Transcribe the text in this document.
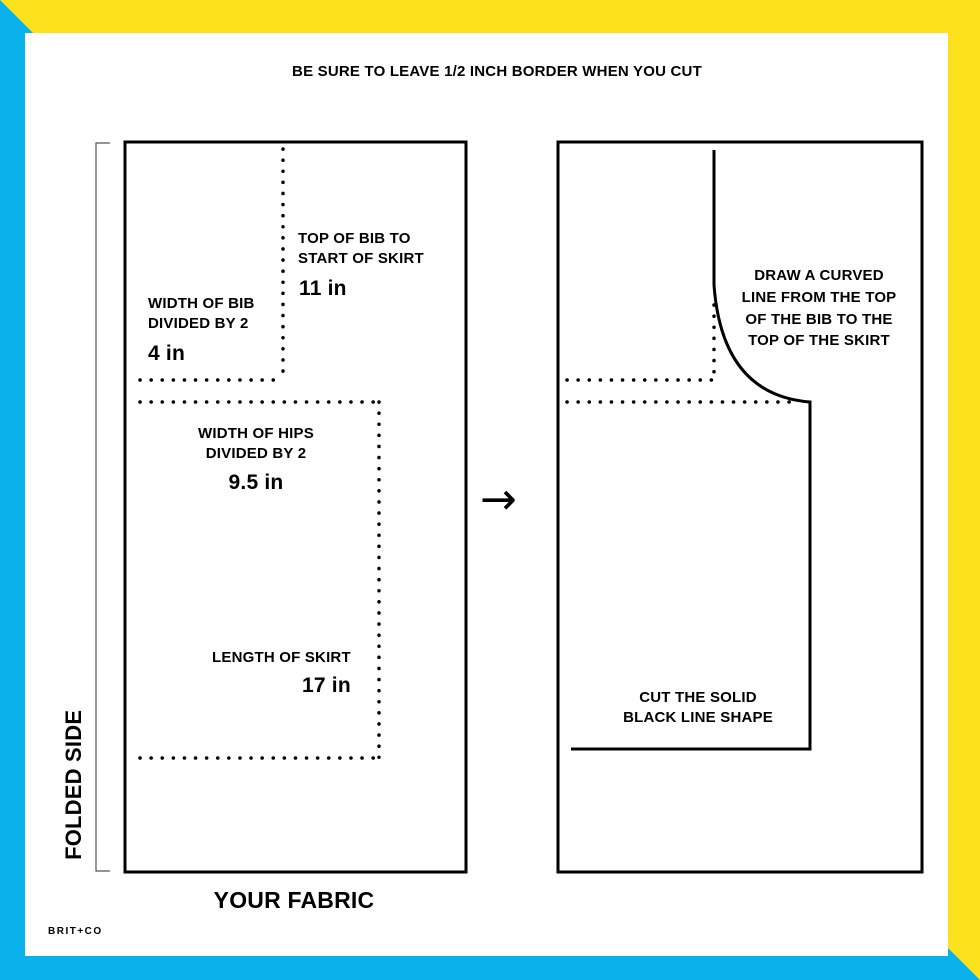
BE SURE TO LEAVE 1/2 INCH BORDER WHEN YOU CUT
TOP OF BIB TO
START OF SKIRT
11 in
WIDTH OF BIB
DIVIDED BY 2
4 in
WIDTH OF HIPS
DIVIDED BY 2
9.5 in
LENGTH OF SKIRT
17 in
FOLDED SIDE
YOUR FABRIC
→
DRAW A CURVED
LINE FROM THE TOP
OF THE BIB TO THE
TOP OF THE SKIRT
CUT THE SOLID
BLACK LINE SHAPE
BRIT+CO
